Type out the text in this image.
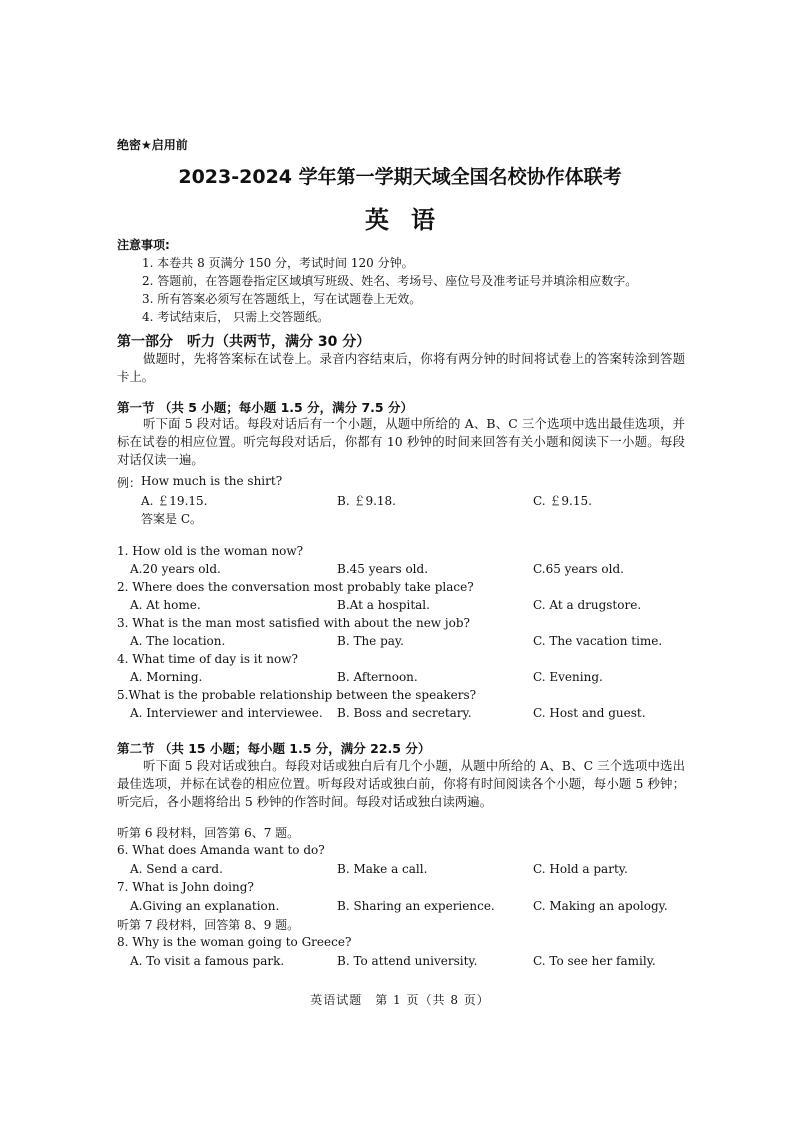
绝密★启用前
2023-2024 学年第一学期天域全国名校协作体联考
英语
注意事项:
1. 本卷共 8 页满分 150 分，考试时间 120 分钟。
2. 答题前，在答题卷指定区域填写班级、姓名、考场号、座位号及准考证号并填涂相应数字。
3. 所有答案必须写在答题纸上，写在试题卷上无效。
4. 考试结束后， 只需上交答题纸。
第一部分　听力（共两节，满分 30 分）
做题时，先将答案标在试卷上。录音内容结束后，你将有两分钟的时间将试卷上的答案转涂到答题卡上。
第一节 （共 5 小题；每小题 1.5 分，满分 7.5 分）
听下面 5 段对话。每段对话后有一个小题，从题中所给的 A、B、C 三个选项中选出最佳选项，并标在试卷的相应位置。听完每段对话后，你都有 10 秒钟的时间来回答有关小题和阅读下一小题。每段对话仅读一遍。
例： How much is the shirt?
A. ￡19.15.	B. ￡9.18.	C. ￡9.15.
答案是 C。
1. How old is the woman now?
A.20 years old.	B.45 years old.	C.65 years old.
2. Where does the conversation most probably take place?
A. At home.	B.At a hospital.	C. At a drugstore.
3. What is the man most satisfied with about the new job?
A. The location.	B. The pay.	C. The vacation time.
4. What time of day is it now?
A. Morning.	B. Afternoon.	C. Evening.
5.What is the probable relationship between the speakers?
A. Interviewer and interviewee. B. Boss and secretary.	C. Host and guest.
第二节 （共 15 小题；每小题 1.5 分，满分 22.5 分）
听下面 5 段对话或独白。每段对话或独白后有几个小题，从题中所给的 A、B、C 三个选项中选出最佳选项，并标在试卷的相应位置。听每段对话或独白前，你将有时间阅读各个小题，每小题 5 秒钟；听完后，各小题将给出 5 秒钟的作答时间。每段对话或独白读两遍。
听第 6 段材料，回答第 6、7 题。
6. What does Amanda want to do?
A. Send a card.	B. Make a call.	C. Hold a party.
7. What is John doing?
A.Giving an explanation.	B. Sharing an experience.	C. Making an apology.
听第 7 段材料，回答第 8、9 题。
8. Why is the woman going to Greece?
A. To visit a famous park.	B. To attend university.	C. To see her family.
英语试题　第 1 页（共 8 页）
